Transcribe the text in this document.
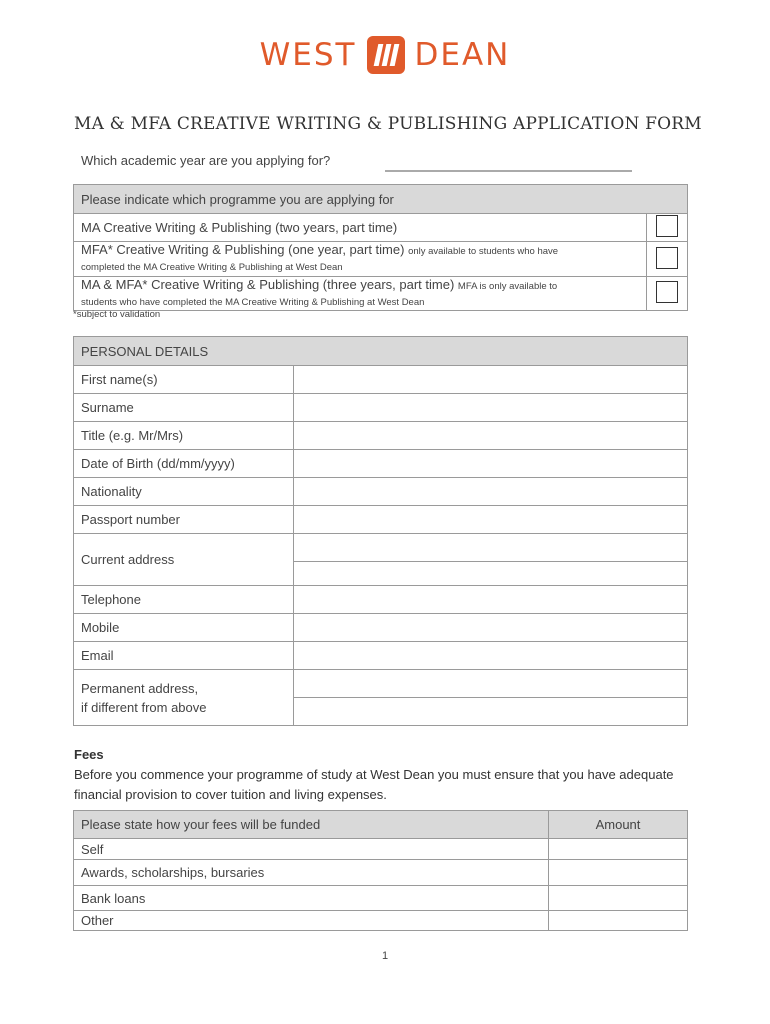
WEST DEAN
MA & MFA CREATIVE WRITING & PUBLISHING APPLICATION FORM
Which academic year are you applying for?
Please indicate which programme you are applying for	
MA Creative Writing & Publishing (two years, part time)	
MFA* Creative Writing & Publishing (one year, part time) only available to students who have
completed the MA Creative Writing & Publishing at West Dean	
MA & MFA* Creative Writing & Publishing (three years, part time) MFA is only available to
students who have completed the MA Creative Writing & Publishing at West Dean	
*subject to validation
PERSONAL DETAILS	
First name(s)	
Surname	
Title (e.g. Mr/Mrs)	
Date of Birth (dd/mm/yyyy)	
Nationality	
Passport number	
Current address	

Telephone	
Mobile	
Email	
Permanent address,
if different from above	

Fees
Before you commence your programme of study at West Dean you must ensure that you have adequate financial provision to cover tuition and living expenses.
Please state how your fees will be funded	Amount
Self	
Awards, scholarships, bursaries	
Bank loans	
Other	
1
